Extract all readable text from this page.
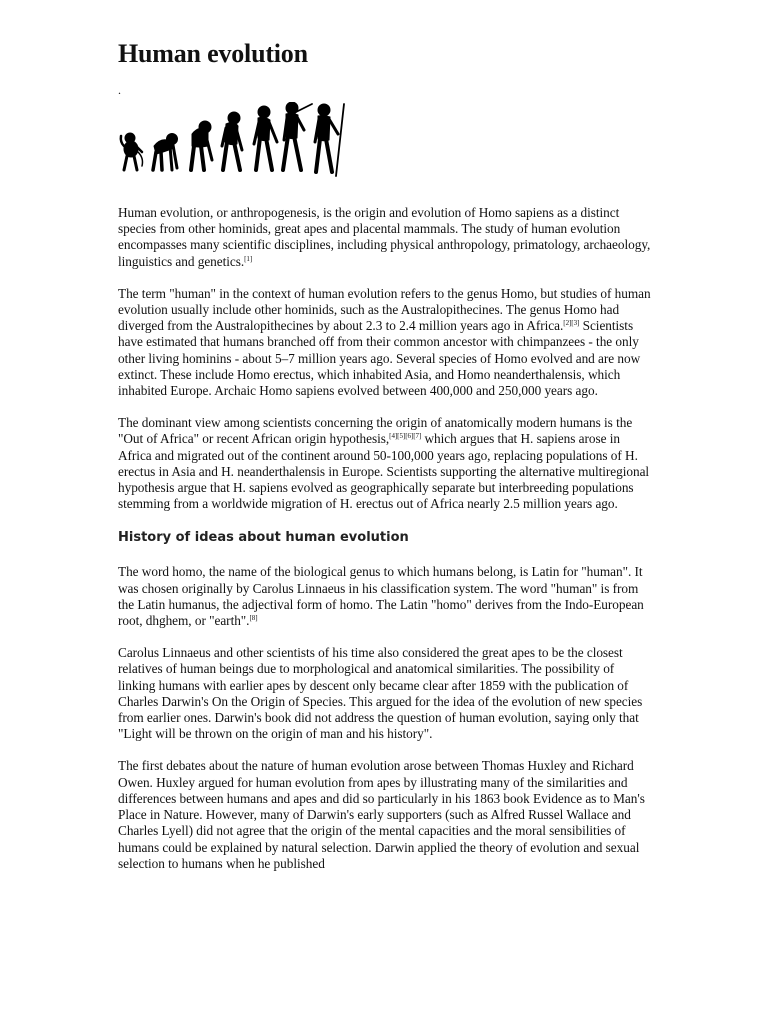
Human evolution
.

Human evolution, or anthropogenesis, is the origin and evolution of Homo sapiens as a distinct species from other hominids, great apes and placental mammals. The study of human evolution encompasses many scientific disciplines, including physical anthropology, primatology, archaeology, linguistics and genetics.[1]

The term "human" in the context of human evolution refers to the genus Homo, but studies of human evolution usually include other hominids, such as the Australopithecines. The genus Homo had diverged from the Australopithecines by about 2.3 to 2.4 million years ago in Africa.[2][3] Scientists have estimated that humans branched off from their common ancestor with chimpanzees - the only other living hominins - about 5–7 million years ago. Several species of Homo evolved and are now extinct. These include Homo erectus, which inhabited Asia, and Homo neanderthalensis, which inhabited Europe. Archaic Homo sapiens evolved between 400,000 and 250,000 years ago.

The dominant view among scientists concerning the origin of anatomically modern humans is the "Out of Africa" or recent African origin hypothesis,[4][5][6][7] which argues that H. sapiens arose in Africa and migrated out of the continent around 50-100,000 years ago, replacing populations of H. erectus in Asia and H. neanderthalensis in Europe. Scientists supporting the alternative multiregional hypothesis argue that H. sapiens evolved as geographically separate but interbreeding populations stemming from a worldwide migration of H. erectus out of Africa nearly 2.5 million years ago.

History of ideas about human evolution

The word homo, the name of the biological genus to which humans belong, is Latin for "human". It was chosen originally by Carolus Linnaeus in his classification system. The word "human" is from the Latin humanus, the adjectival form of homo. The Latin "homo" derives from the Indo-European root, dhghem, or "earth".[8]

Carolus Linnaeus and other scientists of his time also considered the great apes to be the closest relatives of human beings due to morphological and anatomical similarities. The possibility of linking humans with earlier apes by descent only became clear after 1859 with the publication of Charles Darwin's On the Origin of Species. This argued for the idea of the evolution of new species from earlier ones. Darwin's book did not address the question of human evolution, saying only that "Light will be thrown on the origin of man and his history".

The first debates about the nature of human evolution arose between Thomas Huxley and Richard Owen. Huxley argued for human evolution from apes by illustrating many of the similarities and differences between humans and apes and did so particularly in his 1863 book Evidence as to Man's Place in Nature. However, many of Darwin's early supporters (such as Alfred Russel Wallace and Charles Lyell) did not agree that the origin of the mental capacities and the moral sensibilities of humans could be explained by natural selection. Darwin applied the theory of evolution and sexual selection to humans when he published
